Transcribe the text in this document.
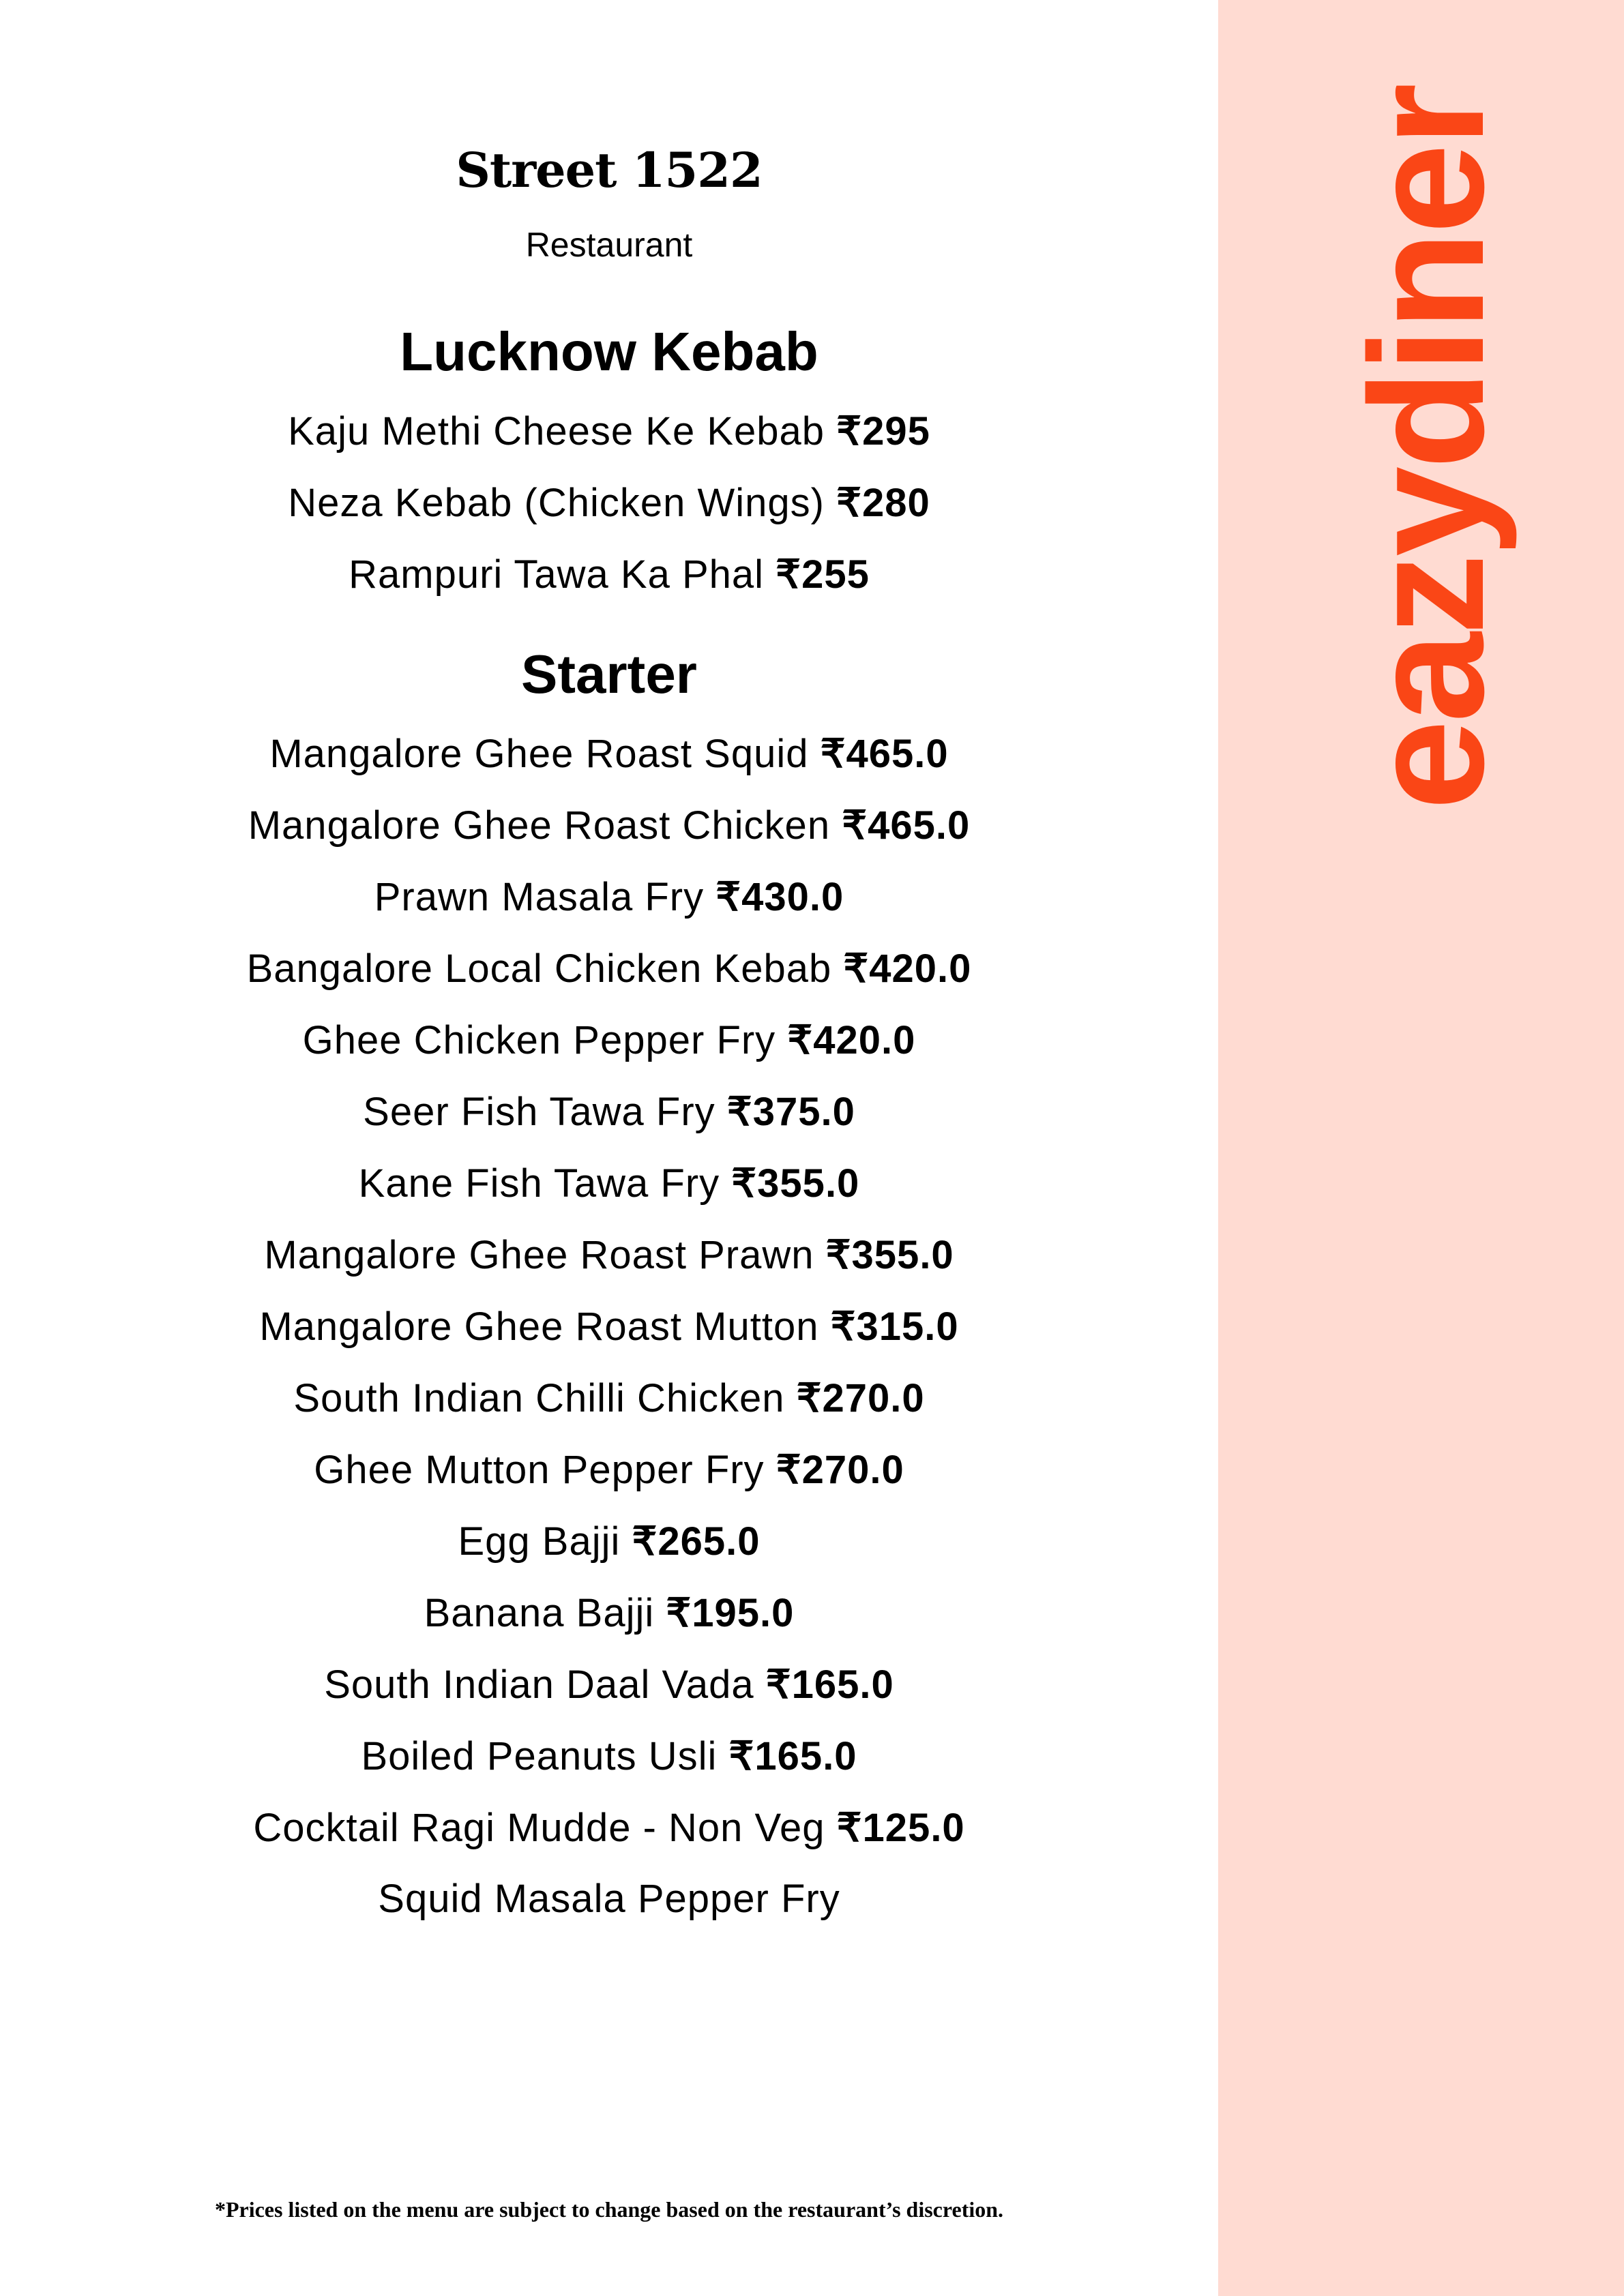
Street 1522
Restaurant
Lucknow Kebab
Kaju Methi Cheese Ke Kebab ₹295
Neza Kebab (Chicken Wings) ₹280
Rampuri Tawa Ka Phal ₹255
Starter
Mangalore Ghee Roast Squid ₹465.0
Mangalore Ghee Roast Chicken ₹465.0
Prawn Masala Fry ₹430.0
Bangalore Local Chicken Kebab ₹420.0
Ghee Chicken Pepper Fry ₹420.0
Seer Fish Tawa Fry ₹375.0
Kane Fish Tawa Fry ₹355.0
Mangalore Ghee Roast Prawn ₹355.0
Mangalore Ghee Roast Mutton ₹315.0
South Indian Chilli Chicken ₹270.0
Ghee Mutton Pepper Fry ₹270.0
Egg Bajji ₹265.0
Banana Bajji ₹195.0
South Indian Daal Vada ₹165.0
Boiled Peanuts Usli ₹165.0
Cocktail Ragi Mudde - Non Veg ₹125.0
Squid Masala Pepper Fry
*Prices listed on the menu are subject to change based on the restaurant’s discretion.
eazydiner
